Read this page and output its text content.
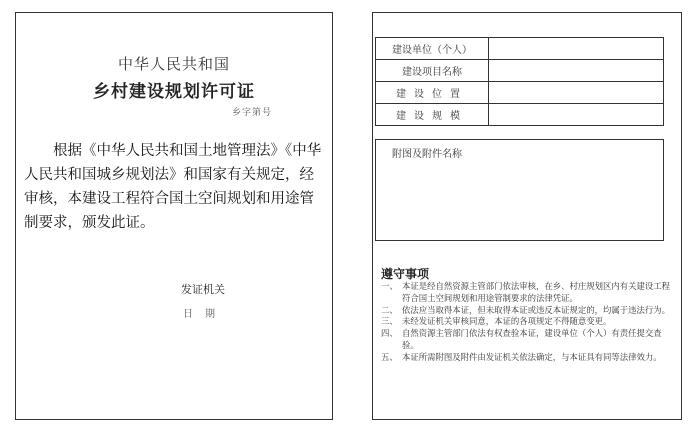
中华人民共和国
乡村建设规划许可证
乡字第号
根据《中华人民共和国土地管理法》《中华人民共和国城乡规划法》和国家有关规定，经审核，本建设工程符合国土空间规划和用途管制要求，颁发此证。
发证机关
日期
建设单位（个人）	
建设项目名称	
建设位置	
建设规模	
附图及附件名称
遵守事项
一、 本证是经自然资源主管部门依法审核，在乡、村庄规划区内有关建设工程符合国土空间规划和用途管制要求的法律凭证。
二、 依法应当取得本证，但未取得本证或违反本证规定的，均属于违法行为。
三、 未经发证机关审核同意，本证的各项规定不得随意变更。
四、 自然资源主管部门依法有权查验本证，建设单位（个人）有责任提交查验。
五、 本证所需附图及附件由发证机关依法确定，与本证具有同等法律效力。
